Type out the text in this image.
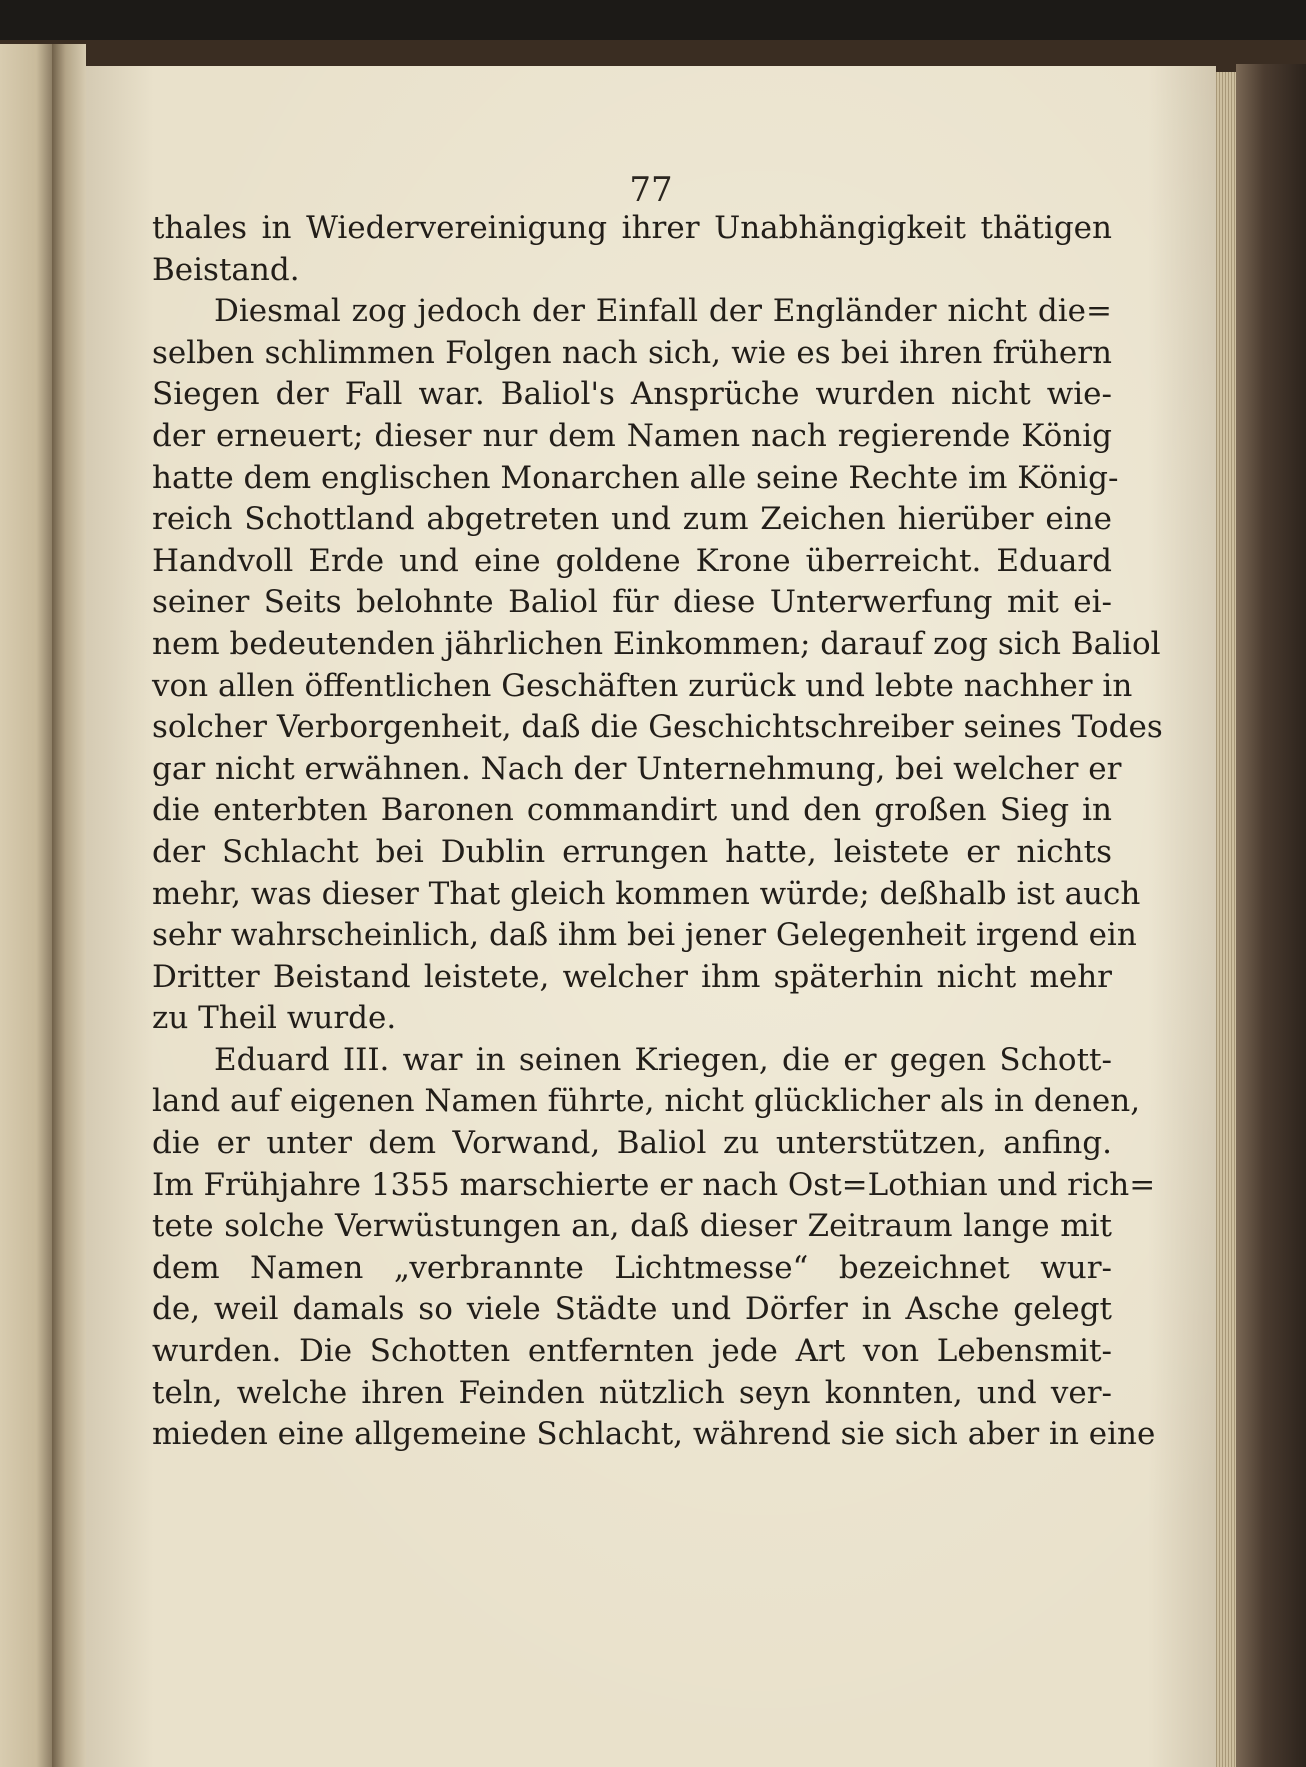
77
thales in Wiedervereinigung ihrer Unabhängigkeit thätigen
Beistand.
Diesmal zog jedoch der Einfall der Engländer nicht die=
selben schlimmen Folgen nach sich, wie es bei ihren frühern
Siegen der Fall war. Baliol's Ansprüche wurden nicht wie-
der erneuert; dieser nur dem Namen nach regierende König
hatte dem englischen Monarchen alle seine Rechte im König-
reich Schottland abgetreten und zum Zeichen hierüber eine
Handvoll Erde und eine goldene Krone überreicht. Eduard
seiner Seits belohnte Baliol für diese Unterwerfung mit ei-
nem bedeutenden jährlichen Einkommen; darauf zog sich Baliol
von allen öffentlichen Geschäften zurück und lebte nachher in
solcher Verborgenheit, daß die Geschichtschreiber seines Todes
gar nicht erwähnen. Nach der Unternehmung, bei welcher er
die enterbten Baronen commandirt und den großen Sieg in
der Schlacht bei Dublin errungen hatte, leistete er nichts
mehr, was dieser That gleich kommen würde; deßhalb ist auch
sehr wahrscheinlich, daß ihm bei jener Gelegenheit irgend ein
Dritter Beistand leistete, welcher ihm späterhin nicht mehr
zu Theil wurde.
Eduard III. war in seinen Kriegen, die er gegen Schott-
land auf eigenen Namen führte, nicht glücklicher als in denen,
die er unter dem Vorwand, Baliol zu unterstützen, anfing.
Im Frühjahre 1355 marschierte er nach Ost=Lothian und rich=
tete solche Verwüstungen an, daß dieser Zeitraum lange mit
dem Namen „verbrannte Lichtmesse“ bezeichnet wur-
de, weil damals so viele Städte und Dörfer in Asche gelegt
wurden. Die Schotten entfernten jede Art von Lebensmit-
teln, welche ihren Feinden nützlich seyn konnten, und ver-
mieden eine allgemeine Schlacht, während sie sich aber in eine
